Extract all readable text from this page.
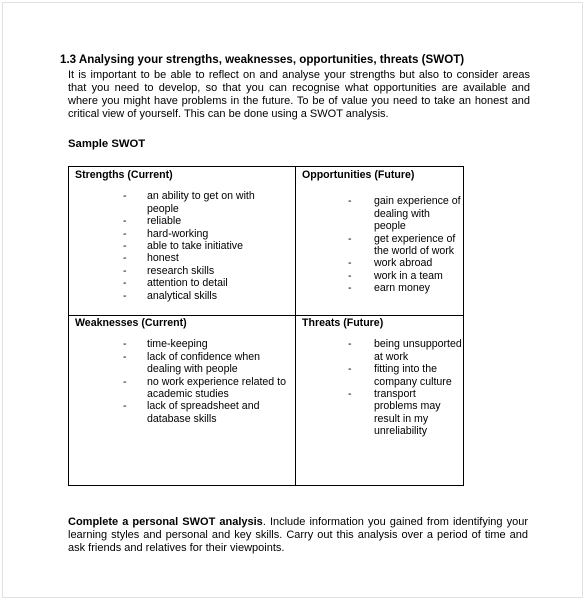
1.3 Analysing your strengths, weaknesses, opportunities, threats (SWOT)
It is important to be able to reflect on and analyse your strengths but also to consider areas
that you need to develop, so that you can recognise what opportunities are available and
where you might have problems in the future. To be of value you need to take an honest and
critical view of yourself. This can be done using a SWOT analysis.
Sample SWOT
Strengths (Current)
- an ability to get on with people
- reliable
- hard-working
- able to take initiative
- honest
- research skills
- attention to detail
- analytical skills
Opportunities (Future)
- gain experience of dealing with people
- get experience of the world of work
- work abroad
- work in a team
- earn money
Weaknesses (Current)
- time-keeping
- lack of confidence when dealing with people
- no work experience related to academic studies
- lack of spreadsheet and database skills
Threats (Future)
- being unsupported at work
- fitting into the company culture
- transport problems may result in my unreliability
Complete a personal SWOT analysis. Include information you gained from identifying your
learning styles and personal and key skills. Carry out this analysis over a period of time and
ask friends and relatives for their viewpoints.
